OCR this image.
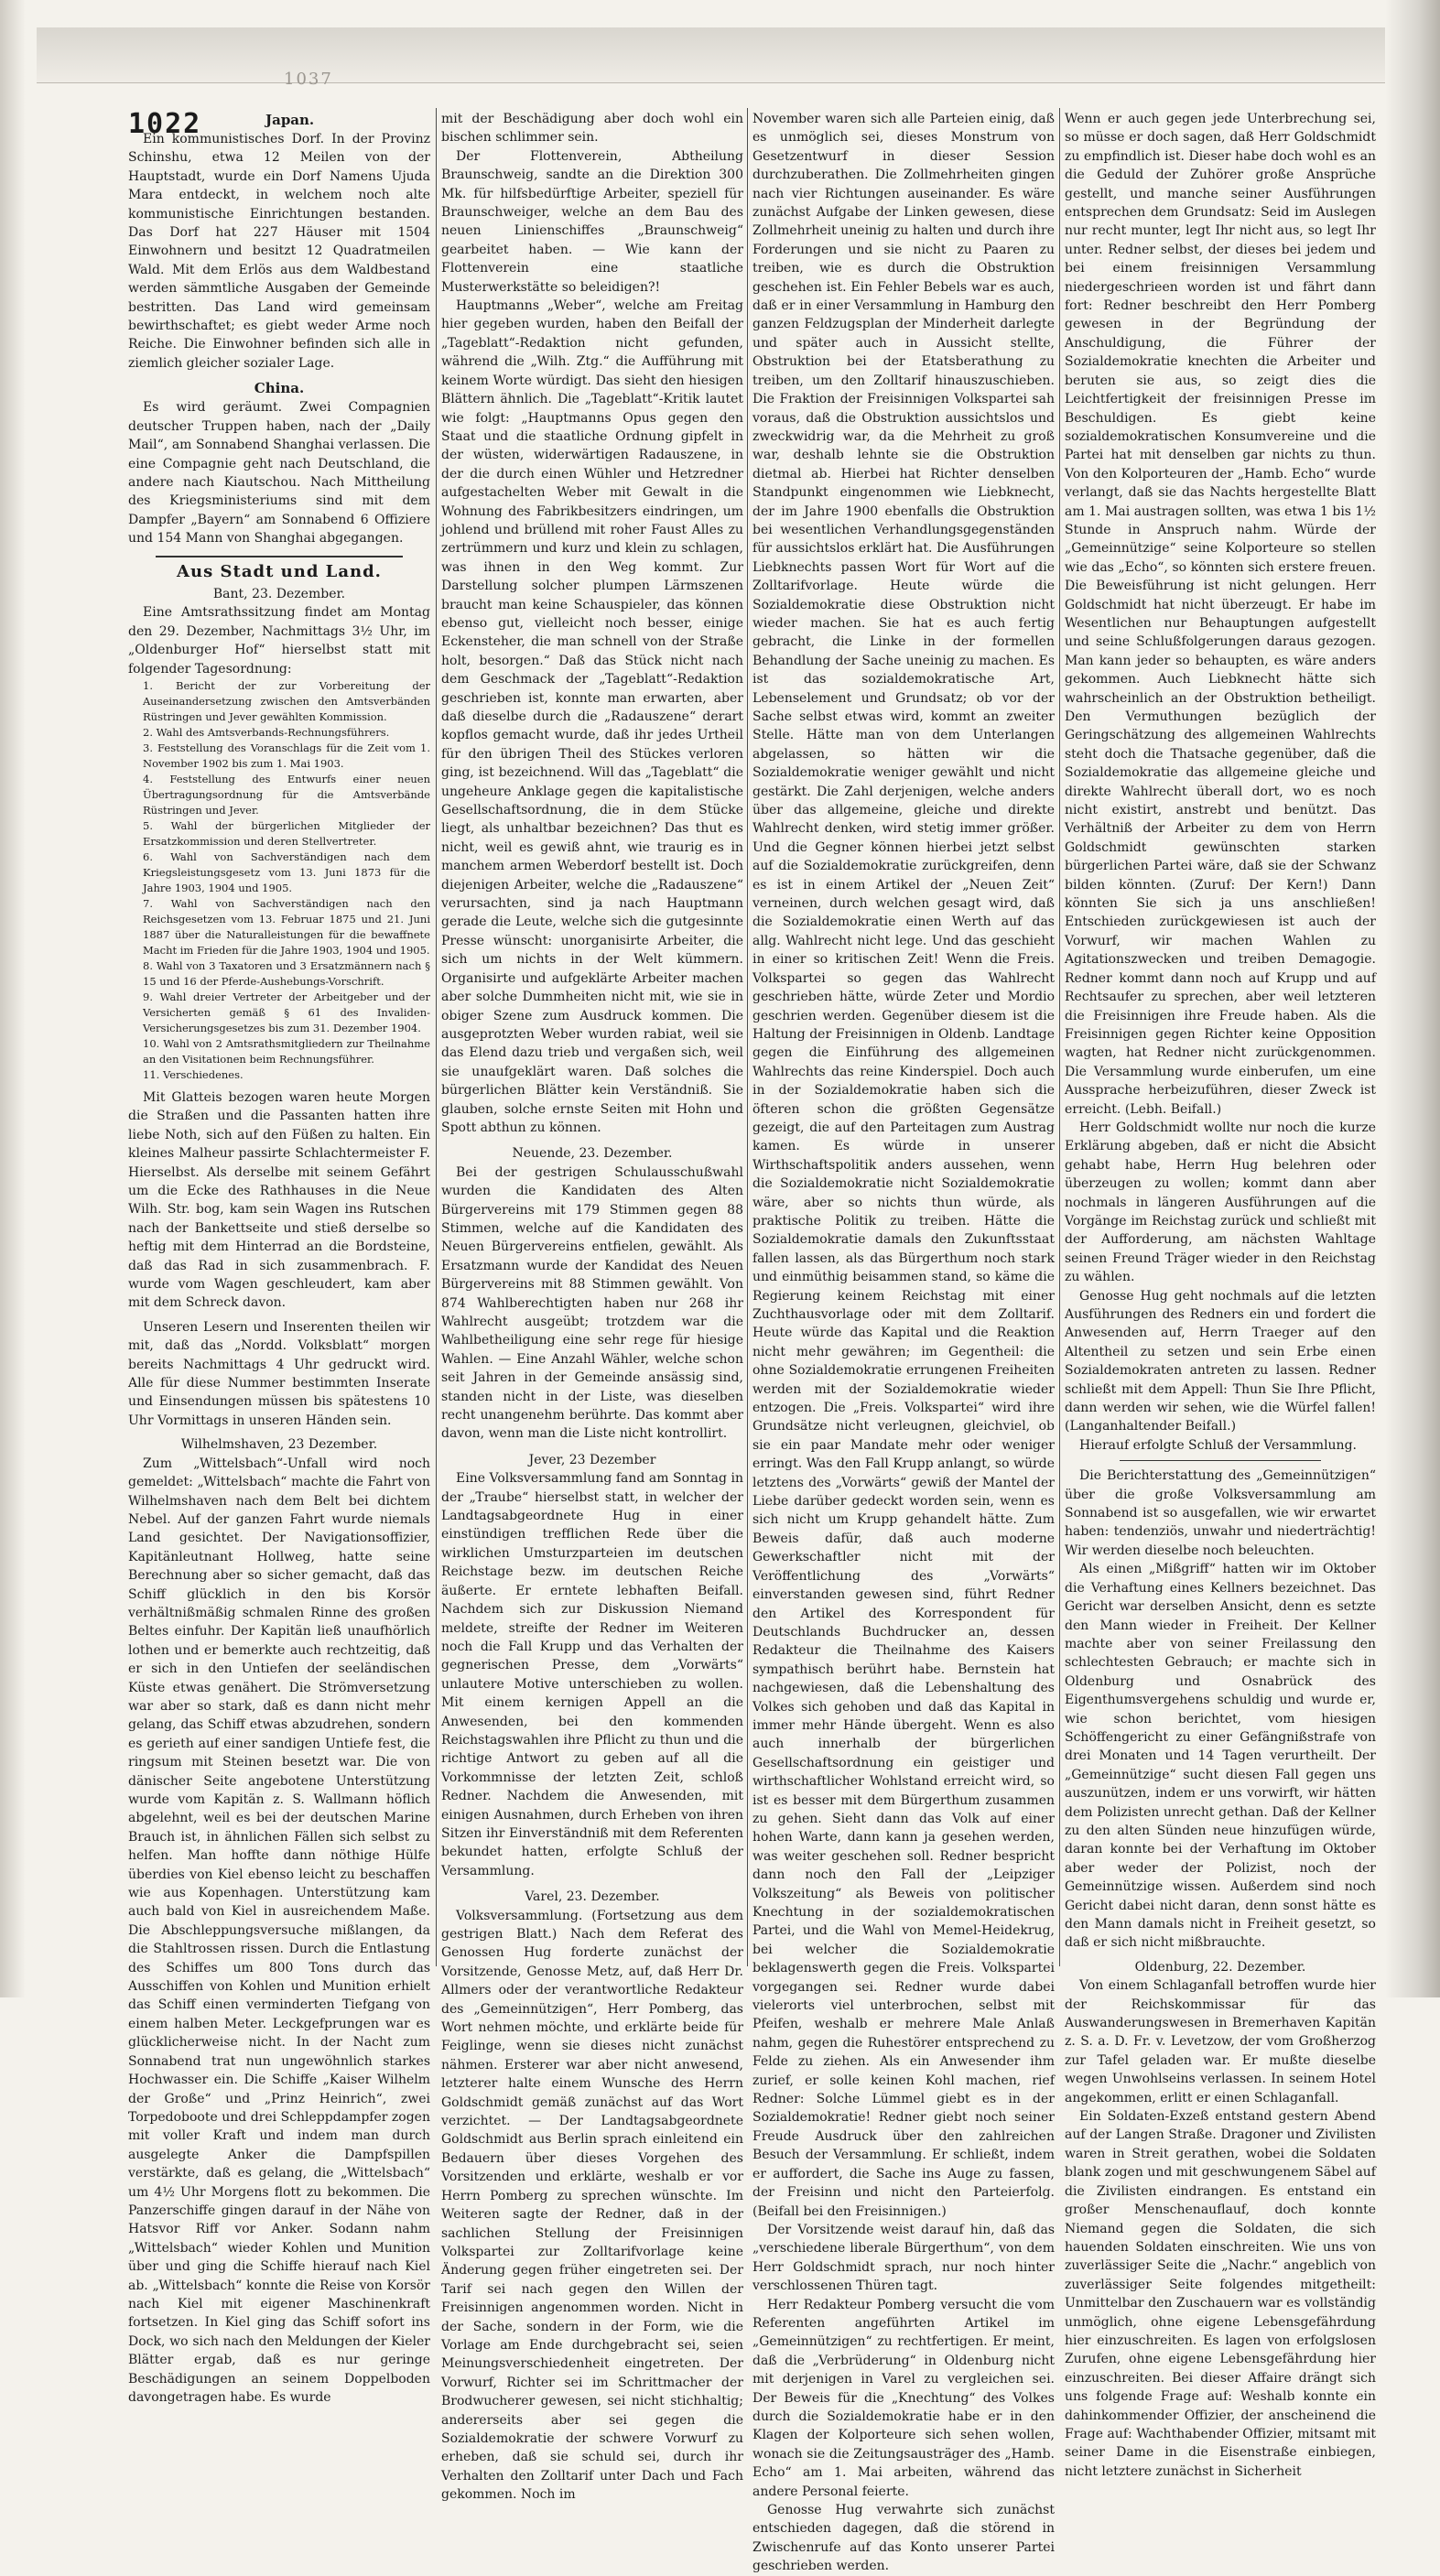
1037
1022	Japan.

Ein kommunistisches Dorf. In der Provinz Schinshu, etwa 12 Meilen von der Hauptstadt, wurde ein Dorf Namens Ujuda Mara entdeckt, in welchem noch alte kommunistische Einrichtungen bestanden. Das Dorf hat 227 Häuser mit 1504 Einwohnern und besitzt 12 Quadratmeilen Wald. Mit dem Erlös aus dem Waldbestand werden sämmtliche Ausgaben der Gemeinde bestritten. Das Land wird gemeinsam bewirthschaftet; es giebt weder Arme noch Reiche. Die Einwohner befinden sich alle in ziemlich gleicher sozialer Lage.

China.

Es wird geräumt. Zwei Compagnien deutscher Truppen haben, nach der „Daily Mail“, am Sonnabend Shanghai verlassen. Die eine Compagnie geht nach Deutschland, die andere nach Kiautschou. Nach Mittheilung des Kriegsministeriums sind mit dem Dampfer „Bayern“ am Sonnabend 6 Offiziere und 154 Mann von Shanghai abgegangen.

Aus Stadt und Land.
Bant, 23. Dezember.

Eine Amtsrathssitzung findet am Montag den 29. Dezember, Nachmittags 3½ Uhr, im „Oldenburger Hof“ hierselbst statt mit folgender Tagesordnung:

1. Bericht der zur Vorbereitung der Auseinandersetzung zwischen den Amtsverbänden Rüstringen und Jever gewählten Kommission.

2. Wahl des Amtsverbands-Rechnungsführers.

3. Feststellung des Voranschlags für die Zeit vom 1. November 1902 bis zum 1. Mai 1903.

4. Feststellung des Entwurfs einer neuen Übertragungsordnung für die Amtsverbände Rüstringen und Jever.

5. Wahl der bürgerlichen Mitglieder der Ersatzkommission und deren Stellvertreter.

6. Wahl von Sachverständigen nach dem Kriegsleistungsgesetz vom 13. Juni 1873 für die Jahre 1903, 1904 und 1905.

7. Wahl von Sachverständigen nach den Reichsgesetzen vom 13. Februar 1875 und 21. Juni 1887 über die Naturalleistungen für die bewaffnete Macht im Frieden für die Jahre 1903, 1904 und 1905.

8. Wahl von 3 Taxatoren und 3 Ersatzmännern nach § 15 und 16 der Pferde-Aushebungs-Vorschrift.

9. Wahl dreier Vertreter der Arbeitgeber und der Versicherten gemäß § 61 des Invaliden-Versicherungsgesetzes bis zum 31. Dezember 1904.

10. Wahl von 2 Amtsrathsmitgliedern zur Theilnahme an den Visitationen beim Rechnungsführer.

11. Verschiedenes.

Mit Glatteis bezogen waren heute Morgen die Straßen und die Passanten hatten ihre liebe Noth, sich auf den Füßen zu halten. Ein kleines Malheur passirte Schlachtermeister F. Hierselbst. Als derselbe mit seinem Gefährt um die Ecke des Rathhauses in die Neue Wilh. Str. bog, kam sein Wagen ins Rutschen nach der Bankettseite und stieß derselbe so heftig mit dem Hinterrad an die Bordsteine, daß das Rad in sich zusammenbrach. F. wurde vom Wagen geschleudert, kam aber mit dem Schreck davon.

Unseren Lesern und Inserenten theilen wir mit, daß das „Nordd. Volksblatt“ morgen bereits Nachmittags 4 Uhr gedruckt wird. Alle für diese Nummer bestimmten Inserate und Einsendungen müssen bis spätestens 10 Uhr Vormittags in unseren Händen sein.

Wilhelmshaven, 23 Dezember.

Zum „Wittelsbach“-Unfall wird noch gemeldet: „Wittelsbach“ machte die Fahrt von Wilhelmshaven nach dem Belt bei dichtem Nebel. Auf der ganzen Fahrt wurde niemals Land gesichtet. Der Navigationsoffizier, Kapitänleutnant Hollweg, hatte seine Berechnung aber so sicher gemacht, daß das Schiff glücklich in den bis Korsör verhältnißmäßig schmalen Rinne des großen Beltes einfuhr. Der Kapitän ließ unaufhörlich lothen und er bemerkte auch rechtzeitig, daß er sich in den Untiefen der seeländischen Küste etwas genähert. Die Strömversetzung war aber so stark, daß es dann nicht mehr gelang, das Schiff etwas abzudrehen, sondern es gerieth auf einer sandigen Untiefe fest, die ringsum mit Steinen besetzt war. Die von dänischer Seite angebotene Unterstützung wurde vom Kapitän z. S. Wallmann höflich abgelehnt, weil es bei der deutschen Marine Brauch ist, in ähnlichen Fällen sich selbst zu helfen. Man hoffte dann nöthige Hülfe überdies von Kiel ebenso leicht zu beschaffen wie aus Kopenhagen. Unterstützung kam auch bald von Kiel in ausreichendem Maße. Die Abschleppungsversuche mißlangen, da die Stahltrossen rissen. Durch die Entlastung des Schiffes um 800 Tons durch das Ausschiffen von Kohlen und Munition erhielt das Schiff einen verminderten Tiefgang von einem halben Meter. Leckgefprungen war es glücklicherweise nicht. In der Nacht zum Sonnabend trat nun ungewöhnlich starkes Hochwasser ein. Die Schiffe „Kaiser Wilhelm der Große“ und „Prinz Heinrich“, zwei Torpedoboote und drei Schleppdampfer zogen mit voller Kraft und indem man durch ausgelegte Anker die Dampfspillen verstärkte, daß es gelang, die „Wittelsbach“ um 4½ Uhr Morgens flott zu bekommen. Die Panzerschiffe gingen darauf in der Nähe von Hatsvor Riff vor Anker. Sodann nahm „Wittelsbach“ wieder Kohlen und Munition über und ging die Schiffe hierauf nach Kiel ab. „Wittelsbach“ konnte die Reise von Korsör nach Kiel mit eigener Maschinenkraft fortsetzen. In Kiel ging das Schiff sofort ins Dock, wo sich nach den Meldungen der Kieler Blätter ergab, daß es nur geringe Beschädigungen an seinem Doppelboden davongetragen habe. Es wurde

mit der Beschädigung aber doch wohl ein bischen schlimmer sein.

Der Flottenverein, Abtheilung Braunschweig, sandte an die Direktion 300 Mk. für hilfsbedürftige Arbeiter, speziell für Braunschweiger, welche an dem Bau des neuen Linienschiffes „Braunschweig“ gearbeitet haben. — Wie kann der Flottenverein eine staatliche Musterwerkstätte so beleidigen?!

Hauptmanns „Weber“, welche am Freitag hier gegeben wurden, haben den Beifall der „Tageblatt“-Redaktion nicht gefunden, während die „Wilh. Ztg.“ die Aufführung mit keinem Worte würdigt. Das sieht den hiesigen Blättern ähnlich. Die „Tageblatt“-Kritik lautet wie folgt: „Hauptmanns Opus gegen den Staat und die staatliche Ordnung gipfelt in der wüsten, widerwärtigen Radauszene, in der die durch einen Wühler und Hetzredner aufgestachelten Weber mit Gewalt in die Wohnung des Fabrikbesitzers eindringen, um johlend und brüllend mit roher Faust Alles zu zertrümmern und kurz und klein zu schlagen, was ihnen in den Weg kommt. Zur Darstellung solcher plumpen Lärmszenen braucht man keine Schauspieler, das können ebenso gut, vielleicht noch besser, einige Eckensteher, die man schnell von der Straße holt, besorgen.“ Daß das Stück nicht nach dem Geschmack der „Tageblatt“-Redaktion geschrieben ist, konnte man erwarten, aber daß dieselbe durch die „Radauszene“ derart kopflos gemacht wurde, daß ihr jedes Urtheil für den übrigen Theil des Stückes verloren ging, ist bezeichnend. Will das „Tageblatt“ die ungeheure Anklage gegen die kapitalistische Gesellschaftsordnung, die in dem Stücke liegt, als unhaltbar bezeichnen? Das thut es nicht, weil es gewiß ahnt, wie traurig es in manchem armen Weberdorf bestellt ist. Doch diejenigen Arbeiter, welche die „Radauszene“ verursachten, sind ja nach Hauptmann gerade die Leute, welche sich die gutgesinnte Presse wünscht: unorganisirte Arbeiter, die sich um nichts in der Welt kümmern. Organisirte und aufgeklärte Arbeiter machen aber solche Dummheiten nicht mit, wie sie in obiger Szene zum Ausdruck kommen. Die ausgeprotzten Weber wurden rabiat, weil sie das Elend dazu trieb und vergaßen sich, weil sie unaufgeklärt waren. Daß solches die bürgerlichen Blätter kein Verständniß. Sie glauben, solche ernste Seiten mit Hohn und Spott abthun zu können.

Neuende, 23. Dezember.

Bei der gestrigen Schulausschußwahl wurden die Kandidaten des Alten Bürgervereins mit 179 Stimmen gegen 88 Stimmen, welche auf die Kandidaten des Neuen Bürgervereins entfielen, gewählt. Als Ersatzmann wurde der Kandidat des Neuen Bürgervereins mit 88 Stimmen gewählt. Von 874 Wahlberechtigten haben nur 268 ihr Wahlrecht ausgeübt; trotzdem war die Wahlbetheiligung eine sehr rege für hiesige Wahlen. — Eine Anzahl Wähler, welche schon seit Jahren in der Gemeinde ansässig sind, standen nicht in der Liste, was dieselben recht unangenehm berührte. Das kommt aber davon, wenn man die Liste nicht kontrollirt.

Jever, 23 Dezember

Eine Volksversammlung fand am Sonntag in der „Traube“ hierselbst statt, in welcher der Landtagsabgeordnete Hug in einer einstündigen trefflichen Rede über die wirklichen Umsturzparteien im deutschen Reichstage bezw. im deutschen Reiche äußerte. Er erntete lebhaften Beifall. Nachdem sich zur Diskussion Niemand meldete, streifte der Redner im Weiteren noch die Fall Krupp und das Verhalten der gegnerischen Presse, dem „Vorwärts“ unlautere Motive unterschieben zu wollen. Mit einem kernigen Appell an die Anwesenden, bei den kommenden Reichstagswahlen ihre Pflicht zu thun und die richtige Antwort zu geben auf all die Vorkommnisse der letzten Zeit, schloß Redner. Nachdem die Anwesenden, mit einigen Ausnahmen, durch Erheben von ihren Sitzen ihr Einverständniß mit dem Referenten bekundet hatten, erfolgte Schluß der Versammlung.

Varel, 23. Dezember.

Volksversammlung. (Fortsetzung aus dem gestrigen Blatt.) Nach dem Referat des Genossen Hug forderte zunächst der Vorsitzende, Genosse Metz, auf, daß Herr Dr. Allmers oder der verantwortliche Redakteur des „Gemeinnützigen“, Herr Pomberg, das Wort nehmen möchte, und erklärte beide für Feiglinge, wenn sie dieses nicht zunächst nähmen. Ersterer war aber nicht anwesend, letzterer halte einem Wunsche des Herrn Goldschmidt gemäß zunächst auf das Wort verzichtet. — Der Landtagsabgeordnete Goldschmidt aus Berlin sprach einleitend ein Bedauern über dieses Vorgehen des Vorsitzenden und erklärte, weshalb er vor Herrn Pomberg zu sprechen wünschte. Im Weiteren sagte der Redner, daß in der sachlichen Stellung der Freisinnigen Volkspartei zur Zolltarifvorlage keine Änderung gegen früher eingetreten sei. Der Tarif sei nach gegen den Willen der Freisinnigen angenommen worden. Nicht in der Sache, sondern in der Form, wie die Vorlage am Ende durchgebracht sei, seien Meinungsverschiedenheit eingetreten. Der Vorwurf, Richter sei im Schrittmacher der Brodwucherer gewesen, sei nicht stichhaltig; andererseits aber sei gegen die Sozialdemokratie der schwere Vorwurf zu erheben, daß sie schuld sei, durch ihr Verhalten den Zolltarif unter Dach und Fach gekommen. Noch im

November waren sich alle Parteien einig, daß es unmöglich sei, dieses Monstrum von Gesetzentwurf in dieser Session durchzuberathen. Die Zollmehrheiten gingen nach vier Richtungen auseinander. Es wäre zunächst Aufgabe der Linken gewesen, diese Zollmehrheit uneinig zu halten und durch ihre Forderungen und sie nicht zu Paaren zu treiben, wie es durch die Obstruktion geschehen ist. Ein Fehler Bebels war es auch, daß er in einer Versammlung in Hamburg den ganzen Feldzugsplan der Minderheit darlegte und später auch in Aussicht stellte, Obstruktion bei der Etatsberathung zu treiben, um den Zolltarif hinauszuschieben. Die Fraktion der Freisinnigen Volkspartei sah voraus, daß die Obstruktion aussichtslos und zweckwidrig war, da die Mehrheit zu groß war, deshalb lehnte sie die Obstruktion dietmal ab. Hierbei hat Richter denselben Standpunkt eingenommen wie Liebknecht, der im Jahre 1900 ebenfalls die Obstruktion bei wesentlichen Verhandlungsgegenständen für aussichtslos erklärt hat. Die Ausführungen Liebknechts passen Wort für Wort auf die Zolltarifvorlage. Heute würde die Sozialdemokratie diese Obstruktion nicht wieder machen. Sie hat es auch fertig gebracht, die Linke in der formellen Behandlung der Sache uneinig zu machen. Es ist das sozialdemokratische Art, Lebenselement und Grundsatz; ob vor der Sache selbst etwas wird, kommt an zweiter Stelle. Hätte man von dem Unterlangen abgelassen, so hätten wir die Sozialdemokratie weniger gewählt und nicht gestärkt. Die Zahl derjenigen, welche anders über das allgemeine, gleiche und direkte Wahlrecht denken, wird stetig immer größer. Und die Gegner können hierbei jetzt selbst auf die Sozialdemokratie zurückgreifen, denn es ist in einem Artikel der „Neuen Zeit“ verneinen, durch welchen gesagt wird, daß die Sozialdemokratie einen Werth auf das allg. Wahlrecht nicht lege. Und das geschieht in einer so kritischen Zeit! Wenn die Freis. Volkspartei so gegen das Wahlrecht geschrieben hätte, würde Zeter und Mordio geschrien werden. Gegenüber diesem ist die Haltung der Freisinnigen in Oldenb. Landtage gegen die Einführung des allgemeinen Wahlrechts das reine Kinderspiel. Doch auch in der Sozialdemokratie haben sich die öfteren schon die größten Gegensätze gezeigt, die auf den Parteitagen zum Austrag kamen. Es würde in unserer Wirthschaftspolitik anders aussehen, wenn die Sozialdemokratie nicht Sozialdemokratie wäre, aber so nichts thun würde, als praktische Politik zu treiben. Hätte die Sozialdemokratie damals den Zukunftsstaat fallen lassen, als das Bürgerthum noch stark und einmüthig beisammen stand, so käme die Regierung keinem Reichstag mit einer Zuchthausvorlage oder mit dem Zolltarif. Heute würde das Kapital und die Reaktion nicht mehr gewähren; im Gegentheil: die ohne Sozialdemokratie errungenen Freiheiten werden mit der Sozialdemokratie wieder entzogen. Die „Freis. Volkspartei“ wird ihre Grundsätze nicht verleugnen, gleichviel, ob sie ein paar Mandate mehr oder weniger erringt. Was den Fall Krupp anlangt, so würde letztens des „Vorwärts“ gewiß der Mantel der Liebe darüber gedeckt worden sein, wenn es sich nicht um Krupp gehandelt hätte. Zum Beweis dafür, daß auch moderne Gewerkschaftler nicht mit der Veröffentlichung des „Vorwärts“ einverstanden gewesen sind, führt Redner den Artikel des Korrespondent für Deutschlands Buchdrucker an, dessen Redakteur die Theilnahme des Kaisers sympathisch berührt habe. Bernstein hat nachgewiesen, daß die Lebenshaltung des Volkes sich gehoben und daß das Kapital in immer mehr Hände übergeht. Wenn es also auch innerhalb der bürgerlichen Gesellschaftsordnung ein geistiger und wirthschaftlicher Wohlstand erreicht wird, so ist es besser mit dem Bürgerthum zusammen zu gehen. Sieht dann das Volk auf einer hohen Warte, dann kann ja gesehen werden, was weiter geschehen soll. Redner bespricht dann noch den Fall der „Leipziger Volkszeitung“ als Beweis von politischer Knechtung in der sozialdemokratischen Partei, und die Wahl von Memel-Heidekrug, bei welcher die Sozialdemokratie beklagenswerth gegen die Freis. Volkspartei vorgegangen sei. Redner wurde dabei vielerorts viel unterbrochen, selbst mit Pfeifen, weshalb er mehrere Male Anlaß nahm, gegen die Ruhestörer entsprechend zu Felde zu ziehen. Als ein Anwesender ihm zurief, er solle keinen Kohl machen, rief Redner: Solche Lümmel giebt es in der Sozialdemokratie! Redner giebt noch seiner Freude Ausdruck über den zahlreichen Besuch der Versammlung. Er schließt, indem er auffordert, die Sache ins Auge zu fassen, der Freisinn und nicht den Parteierfolg. (Beifall bei den Freisinnigen.)

Der Vorsitzende weist darauf hin, daß das „verschiedene liberale Bürgerthum“, von dem Herr Goldschmidt sprach, nur noch hinter verschlossenen Thüren tagt.

Herr Redakteur Pomberg versucht die vom Referenten angeführten Artikel im „Gemeinnützigen“ zu rechtfertigen. Er meint, daß die „Verbrüderung“ in Oldenburg nicht mit derjenigen in Varel zu vergleichen sei. Der Beweis für die „Knechtung“ des Volkes durch die Sozialdemokratie habe er in den Klagen der Kolporteure sich sehen wollen, wonach sie die Zeitungsausträger des „Hamb. Echo“ am 1. Mai arbeiten, während das andere Personal feierte.

Genosse Hug verwahrte sich zunächst entschieden dagegen, daß die störend in Zwischenrufe auf das Konto unserer Partei geschrieben werden.

Wenn er auch gegen jede Unterbrechung sei, so müsse er doch sagen, daß Herr Goldschmidt zu empfindlich ist. Dieser habe doch wohl es an die Geduld der Zuhörer große Ansprüche gestellt, und manche seiner Ausführungen entsprechen dem Grundsatz: Seid im Auslegen nur recht munter, legt Ihr nicht aus, so legt Ihr unter. Redner selbst, der dieses bei jedem und bei einem freisinnigen Versammlung niedergeschrieen worden ist und fährt dann fort: Redner beschreibt den Herr Pomberg gewesen in der Begründung der Anschuldigung, die Führer der Sozialdemokratie knechten die Arbeiter und beruten sie aus, so zeigt dies die Leichtfertigkeit der freisinnigen Presse im Beschuldigen. Es giebt keine sozialdemokratischen Konsumvereine und die Partei hat mit denselben gar nichts zu thun. Von den Kolporteuren der „Hamb. Echo“ wurde verlangt, daß sie das Nachts hergestellte Blatt am 1. Mai austragen sollten, was etwa 1 bis 1½ Stunde in Anspruch nahm. Würde der „Gemeinnützige“ seine Kolporteure so stellen wie das „Echo“, so könnten sich erstere freuen. Die Beweisführung ist nicht gelungen. Herr Goldschmidt hat nicht überzeugt. Er habe im Wesentlichen nur Behauptungen aufgestellt und seine Schlußfolgerungen daraus gezogen. Man kann jeder so behaupten, es wäre anders gekommen. Auch Liebknecht hätte sich wahrscheinlich an der Obstruktion betheiligt. Den Vermuthungen bezüglich der Geringschätzung des allgemeinen Wahlrechts steht doch die Thatsache gegenüber, daß die Sozialdemokratie das allgemeine gleiche und direkte Wahlrecht überall dort, wo es noch nicht existirt, anstrebt und benützt. Das Verhältniß der Arbeiter zu dem von Herrn Goldschmidt gewünschten starken bürgerlichen Partei wäre, daß sie der Schwanz bilden könnten. (Zuruf: Der Kern!) Dann könnten Sie sich ja uns anschließen! Entschieden zurückgewiesen ist auch der Vorwurf, wir machen Wahlen zu Agitationszwecken und treiben Demagogie. Redner kommt dann noch auf Krupp und auf Rechtsaufer zu sprechen, aber weil letzteren die Freisinnigen ihre Freude haben. Als die Freisinnigen gegen Richter keine Opposition wagten, hat Redner nicht zurückgenommen. Die Versammlung wurde einberufen, um eine Aussprache herbeizuführen, dieser Zweck ist erreicht. (Lebh. Beifall.)

Herr Goldschmidt wollte nur noch die kurze Erklärung abgeben, daß er nicht die Absicht gehabt habe, Herrn Hug belehren oder überzeugen zu wollen; kommt dann aber nochmals in längeren Ausführungen auf die Vorgänge im Reichstag zurück und schließt mit der Aufforderung, am nächsten Wahltage seinen Freund Träger wieder in den Reichstag zu wählen.

Genosse Hug geht nochmals auf die letzten Ausführungen des Redners ein und fordert die Anwesenden auf, Herrn Traeger auf den Altentheil zu setzen und sein Erbe einen Sozialdemokraten antreten zu lassen. Redner schließt mit dem Appell: Thun Sie Ihre Pflicht, dann werden wir sehen, wie die Würfel fallen! (Langanhaltender Beifall.)

Hierauf erfolgte Schluß der Versammlung.

Die Berichterstattung des „Gemeinnützigen“ über die große Volksversammlung am Sonnabend ist so ausgefallen, wie wir erwartet haben: tendenziös, unwahr und niederträchtig! Wir werden dieselbe noch beleuchten.

Als einen „Mißgriff“ hatten wir im Oktober die Verhaftung eines Kellners bezeichnet. Das Gericht war derselben Ansicht, denn es setzte den Mann wieder in Freiheit. Der Kellner machte aber von seiner Freilassung den schlechtesten Gebrauch; er machte sich in Oldenburg und Osnabrück des Eigenthumsvergehens schuldig und wurde er, wie schon berichtet, vom hiesigen Schöffengericht zu einer Gefängnißstrafe von drei Monaten und 14 Tagen verurtheilt. Der „Gemeinnützige“ sucht diesen Fall gegen uns auszunützen, indem er uns vorwirft, wir hätten dem Polizisten unrecht gethan. Daß der Kellner zu den alten Sünden neue hinzufügen würde, daran konnte bei der Verhaftung im Oktober aber weder der Polizist, noch der Gemeinnützige wissen. Außerdem sind noch Gericht dabei nicht daran, denn sonst hätte es den Mann damals nicht in Freiheit gesetzt, so daß er sich nicht mißbrauchte.

Oldenburg, 22. Dezember.

Von einem Schlaganfall betroffen wurde hier der Reichskommissar für das Auswanderungswesen in Bremerhaven Kapitän z. S. a. D. Fr. v. Levetzow, der vom Großherzog zur Tafel geladen war. Er mußte dieselbe wegen Unwohlseins verlassen. In seinem Hotel angekommen, erlitt er einen Schlaganfall.

Ein Soldaten-Exzeß entstand gestern Abend auf der Langen Straße. Dragoner und Zivilisten waren in Streit gerathen, wobei die Soldaten blank zogen und mit geschwungenem Säbel auf die Zivilisten eindrangen. Es entstand ein großer Menschenauflauf, doch konnte Niemand gegen die Soldaten, die sich hauenden Soldaten einschreiten. Wie uns von zuverlässiger Seite die „Nachr.“ angeblich von zuverlässiger Seite folgendes mitgetheilt: Unmittelbar den Zuschauern war es vollständig unmöglich, ohne eigene Lebensgefährdung hier einzuschreiten. Es lagen von erfolgslosen Zurufen, ohne eigene Lebensgefährdung hier einzuschreiten. Bei dieser Affaire drängt sich uns folgende Frage auf: Weshalb konnte ein dahinkommender Offizier, der anscheinend die Frage auf: Wachthabender Offizier, mitsamt mit seiner Dame in die Eisenstraße einbiegen, nicht letztere zunächst in Sicherheit
